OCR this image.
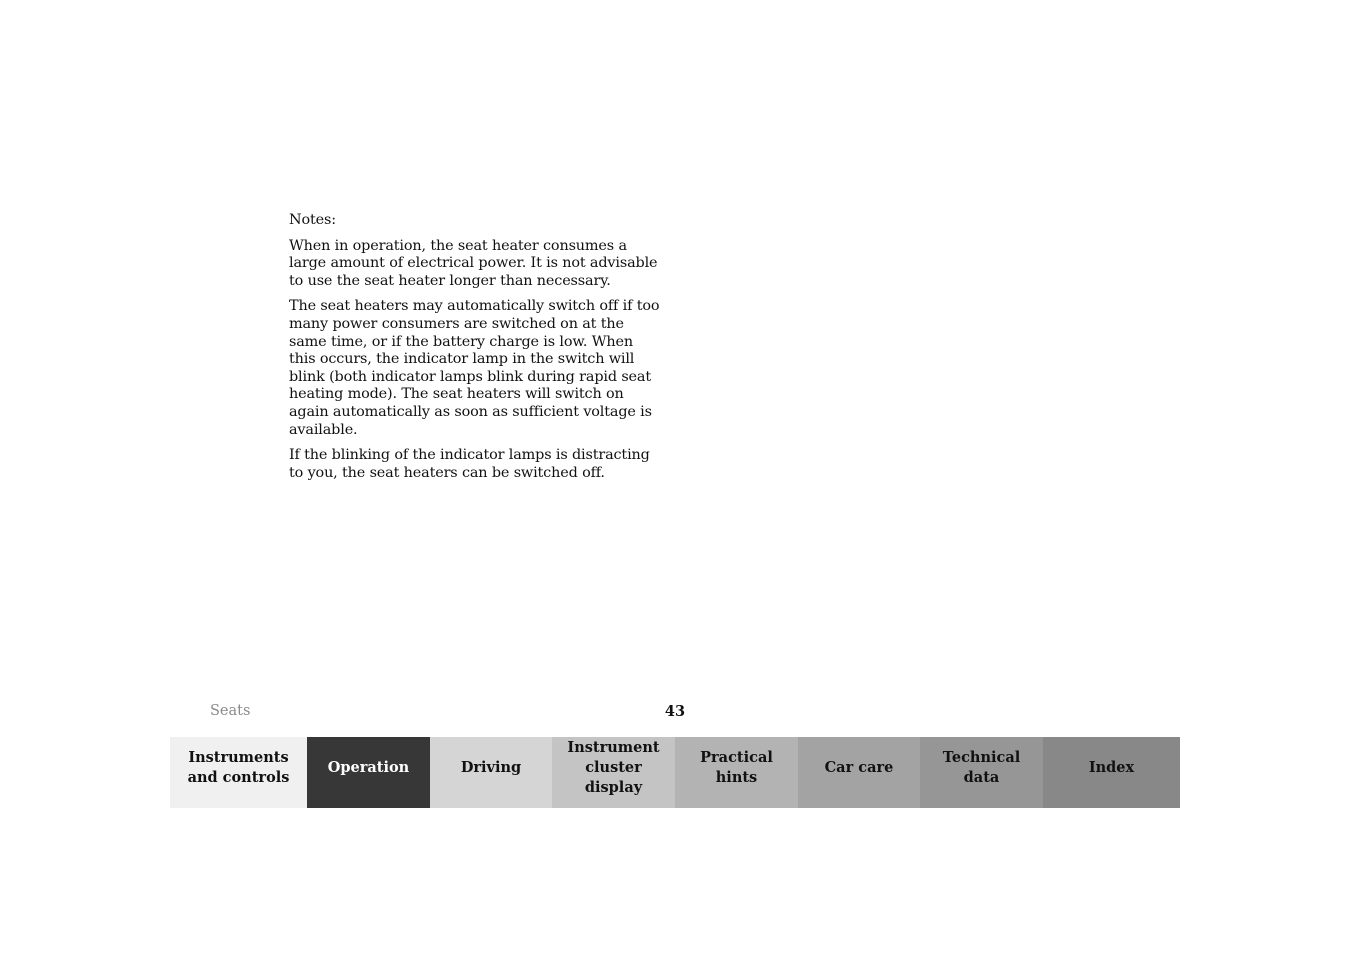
Notes:

When in operation, the seat heater consumes a large amount of electrical power. It is not advisable to use the seat heater longer than necessary.

The seat heaters may automatically switch off if too many power consumers are switched on at the same time, or if the battery charge is low. When this occurs, the indicator lamp in the switch will blink (both indicator lamps blink during rapid seat heating mode). The seat heaters will switch on again automatically as soon as sufficient voltage is available.

If the blinking of the indicator lamps is distracting to you, the seat heaters can be switched off.

Seats	43
Instruments
and controls
Operation	Driving
Instrument
cluster display
Practical hints
Car care
Technical
data
Index
